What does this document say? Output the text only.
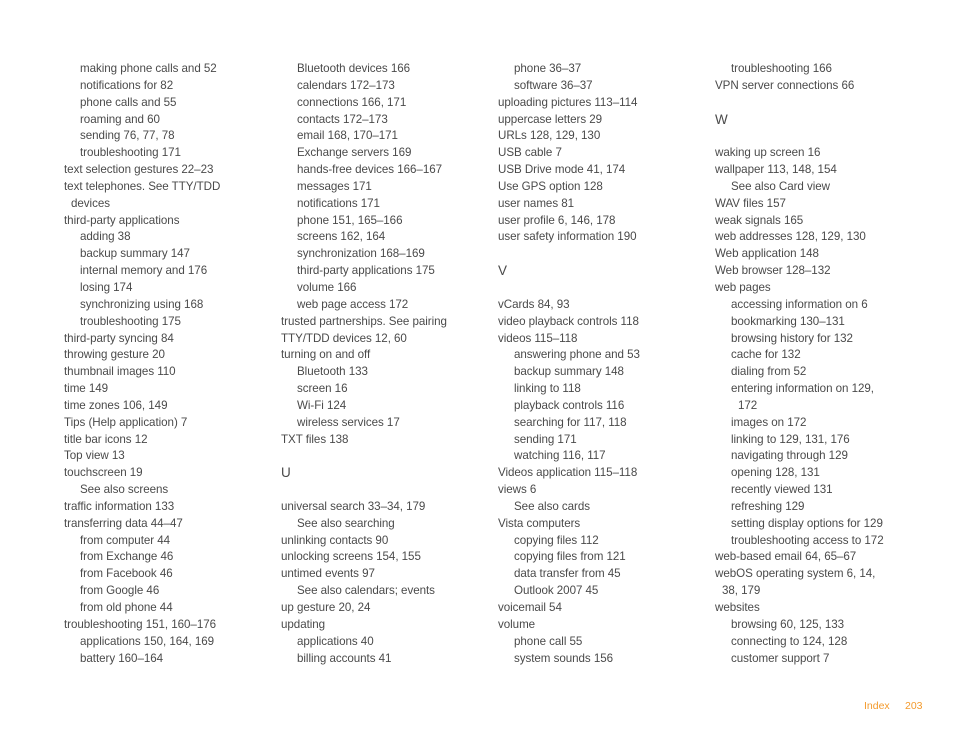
making phone calls and 52
notifications for 82
phone calls and 55
roaming and 60
sending 76, 77, 78
troubleshooting 171
text selection gestures 22–23
text telephones. See TTY/TDD
devices
third-party applications
adding 38
backup summary 147
internal memory and 176
losing 174
synchronizing using 168
troubleshooting 175
third-party syncing 84
throwing gesture 20
thumbnail images 110
time 149
time zones 106, 149
Tips (Help application) 7
title bar icons 12
Top view 13
touchscreen 19
See also screens
traffic information 133
transferring data 44–47
from computer 44
from Exchange 46
from Facebook 46
from Google 46
from old phone 44
troubleshooting 151, 160–176
applications 150, 164, 169
battery 160–164
Bluetooth devices 166
calendars 172–173
connections 166, 171
contacts 172–173
email 168, 170–171
Exchange servers 169
hands-free devices 166–167
messages 171
notifications 171
phone 151, 165–166
screens 162, 164
synchronization 168–169
third-party applications 175
volume 166
web page access 172
trusted partnerships. See pairing
TTY/TDD devices 12, 60
turning on and off
Bluetooth 133
screen 16
Wi-Fi 124
wireless services 17
TXT files 138
U
universal search 33–34, 179
See also searching
unlinking contacts 90
unlocking screens 154, 155
untimed events 97
See also calendars; events
up gesture 20, 24
updating
applications 40
billing accounts 41
phone 36–37
software 36–37
uploading pictures 113–114
uppercase letters 29
URLs 128, 129, 130
USB cable 7
USB Drive mode 41, 174
Use GPS option 128
user names 81
user profile 6, 146, 178
user safety information 190
V
vCards 84, 93
video playback controls 118
videos 115–118
answering phone and 53
backup summary 148
linking to 118
playback controls 116
searching for 117, 118
sending 171
watching 116, 117
Videos application 115–118
views 6
See also cards
Vista computers
copying files 112
copying files from 121
data transfer from 45
Outlook 2007 45
voicemail 54
volume
phone call 55
system sounds 156
troubleshooting 166
VPN server connections 66
W
waking up screen 16
wallpaper 113, 148, 154
See also Card view
WAV files 157
weak signals 165
web addresses 128, 129, 130
Web application 148
Web browser 128–132
web pages
accessing information on 6
bookmarking 130–131
browsing history for 132
cache for 132
dialing from 52
entering information on 129,
172
images on 172
linking to 129, 131, 176
navigating through 129
opening 128, 131
recently viewed 131
refreshing 129
setting display options for 129
troubleshooting access to 172
web-based email 64, 65–67
webOS operating system 6, 14,
38, 179
websites
browsing 60, 125, 133
connecting to 124, 128
customer support 7
Index 203
